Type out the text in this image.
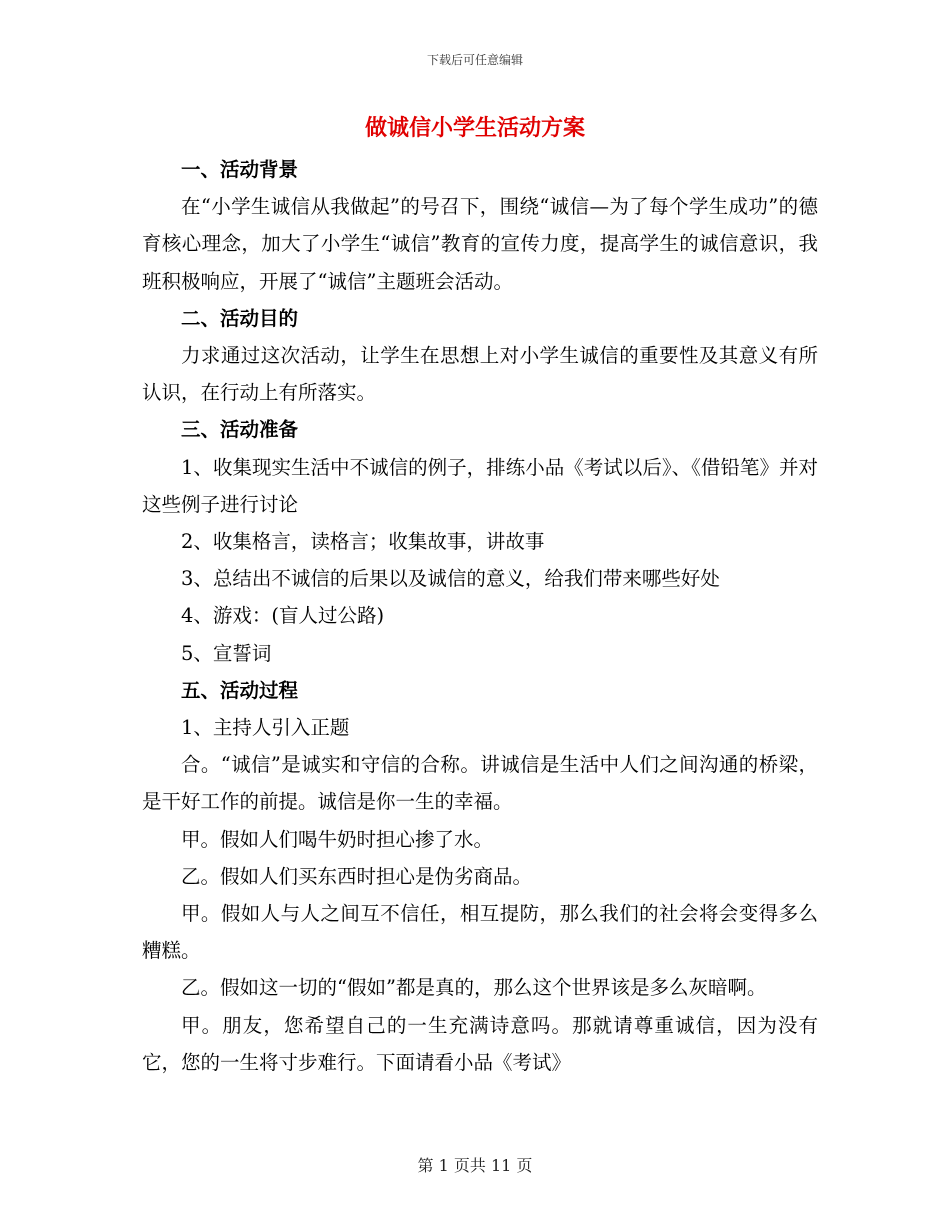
下载后可任意编辑
做诚信小学生活动方案

一、活动背景

在“小学生诚信从我做起”的号召下，围绕“诚信—为了每个学生成功”的德育核心理念，加大了小学生“诚信”教育的宣传力度，提高学生的诚信意识，我班积极响应，开展了“诚信”主题班会活动。

二、活动目的

力求通过这次活动，让学生在思想上对小学生诚信的重要性及其意义有所认识，在行动上有所落实。

三、活动准备

1、收集现实生活中不诚信的例子，排练小品《考试以后》、《借铅笔》并对这些例子进行讨论

2、收集格言，读格言；收集故事，讲故事

3、总结出不诚信的后果以及诚信的意义，给我们带来哪些好处

4、游戏：(盲人过公路)

5、宣誓词

五、活动过程

1、主持人引入正题

合。“诚信”是诚实和守信的合称。讲诚信是生活中人们之间沟通的桥梁，是干好工作的前提。诚信是你一生的幸福。

甲。假如人们喝牛奶时担心掺了水。

乙。假如人们买东西时担心是伪劣商品。

甲。假如人与人之间互不信任，相互提防，那么我们的社会将会变得多么糟糕。

乙。假如这一切的“假如”都是真的，那么这个世界该是多么灰暗啊。

甲。朋友，您希望自己的一生充满诗意吗。那就请尊重诚信，因为没有它，您的一生将寸步难行。下面请看小品《考试》

第 1 页共 11 页
